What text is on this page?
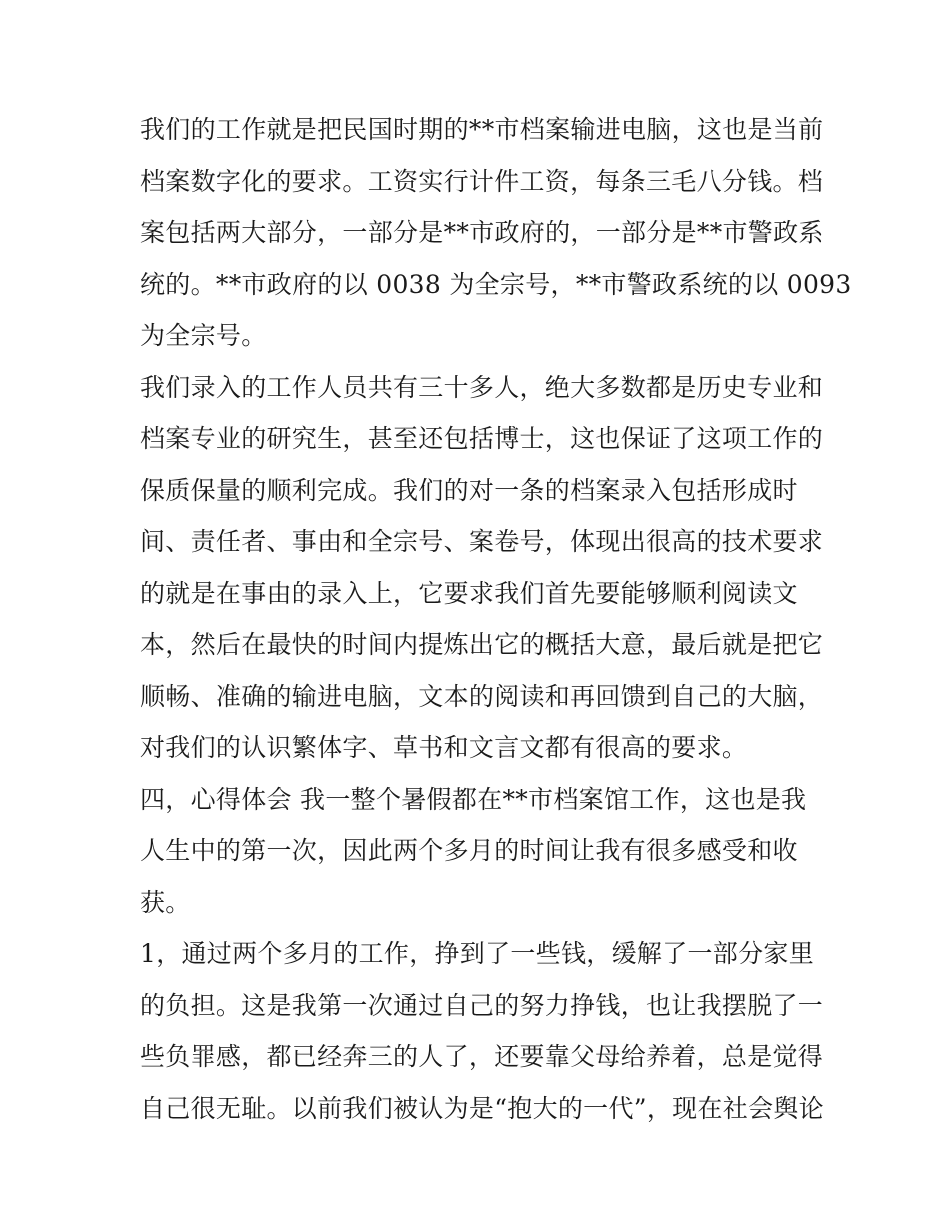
我们的工作就是把民国时期的**市档案输进电脑，这也是当前
档案数字化的要求。工资实行计件工资，每条三毛八分钱。档
案包括两大部分，一部分是**市政府的，一部分是**市警政系
统的。**市政府的以 0038 为全宗号，**市警政系统的以 0093
为全宗号。
我们录入的工作人员共有三十多人，绝大多数都是历史专业和
档案专业的研究生，甚至还包括博士，这也保证了这项工作的
保质保量的顺利完成。我们的对一条的档案录入包括形成时
间、责任者、事由和全宗号、案卷号，体现出很高的技术要求
的就是在事由的录入上，它要求我们首先要能够顺利阅读文
本，然后在最快的时间内提炼出它的概括大意，最后就是把它
顺畅、准确的输进电脑，文本的阅读和再回馈到自己的大脑，
对我们的认识繁体字、草书和文言文都有很高的要求。
四，心得体会 我一整个暑假都在**市档案馆工作，这也是我
人生中的第一次，因此两个多月的时间让我有很多感受和收
获。
1，通过两个多月的工作，挣到了一些钱，缓解了一部分家里
的负担。这是我第一次通过自己的努力挣钱，也让我摆脱了一
些负罪感，都已经奔三的人了，还要靠父母给养着，总是觉得
自己很无耻。以前我们被认为是“抱大的一代”，现在社会舆论
